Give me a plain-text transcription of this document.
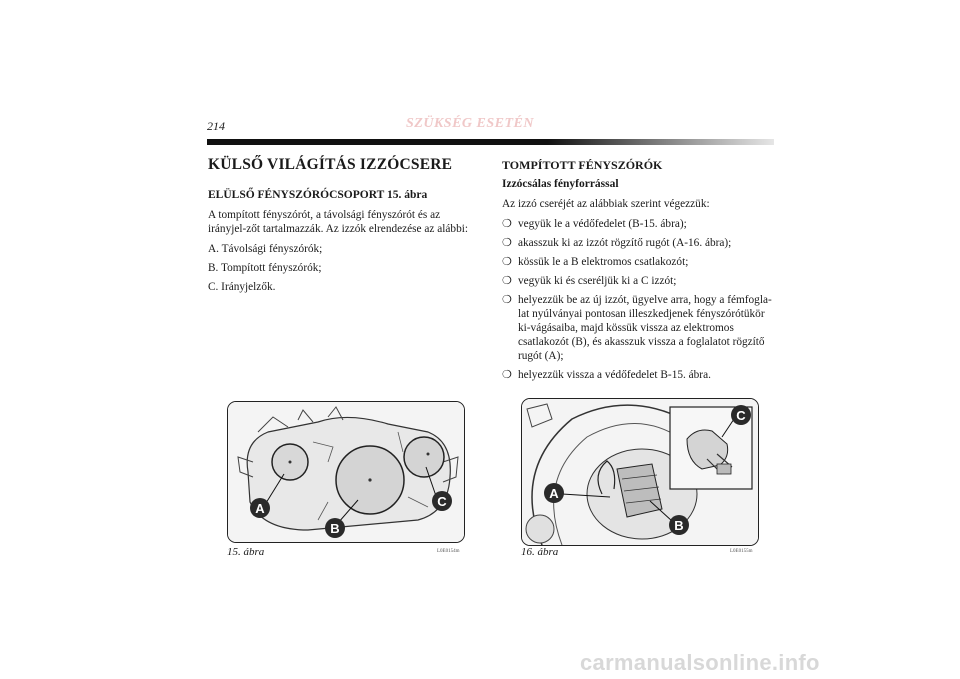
214	SZÜKSÉG ESETÉN
KÜLSŐ VILÁGÍTÁS IZZÓCSERE
ELÜLSŐ FÉNYSZÓRÓCSOPORT 15. ábra

A tompított fényszórót, a távolsági fényszórót és az irányjel-zőt tartalmazzák. Az izzók elrendezése az alábbi:

A. Távolsági fényszórók;
B. Tompított fényszórók;
C. Irányjelzők.
TOMPÍTOTT FÉNYSZÓRÓK
Izzócsálas fényforrással

Az izzó cseréjét az alábbiak szerint végezzük:

❍ vegyük le a védőfedelet (B-15. ábra);
❍ akasszuk ki az izzót rögzítő rugót (A-16. ábra);
❍ kössük le a B elektromos csatlakozót;
❍ vegyük ki és cseréljük ki a C izzót;
❍ helyezzük be az új izzót, ügyelve arra, hogy a fémfogla-lat nyúlványai pontosan illeszkedjenek fényszórótükör ki-vágásaiba, majd kössük vissza az elektromos csatlakozót (B), és akasszuk vissza a foglalatot rögzítő rugót (A);
❍ helyezzük vissza a védőfedelet B-15. ábra.
A
B
C
15. ábra	L0E0154m
A
B
C
16. ábra	L0E0155m
carmanualsonline.info
